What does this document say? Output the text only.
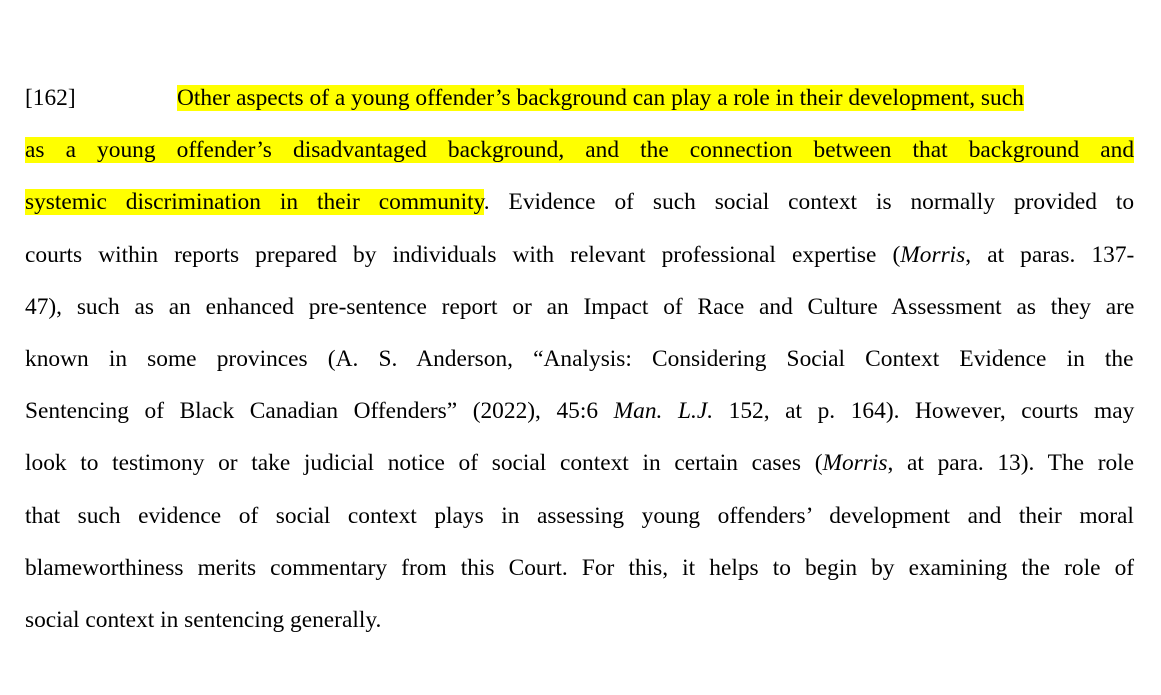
[162]	Other aspects of a young offender’s background can play a role in their development, such
as a young offender’s disadvantaged background, and the connection between that background and
systemic discrimination in their community. Evidence of such social context is normally provided to
courts within reports prepared by individuals with relevant professional expertise (Morris, at paras. 137-
47), such as an enhanced pre-sentence report or an Impact of Race and Culture Assessment as they are
known in some provinces (A. S. Anderson, “Analysis: Considering Social Context Evidence in the
Sentencing of Black Canadian Offenders” (2022), 45:6 Man. L.J. 152, at p. 164). However, courts may
look to testimony or take judicial notice of social context in certain cases (Morris, at para. 13). The role
that such evidence of social context plays in assessing young offenders’ development and their moral
blameworthiness merits commentary from this Court. For this, it helps to begin by examining the role of
social context in sentencing generally.
